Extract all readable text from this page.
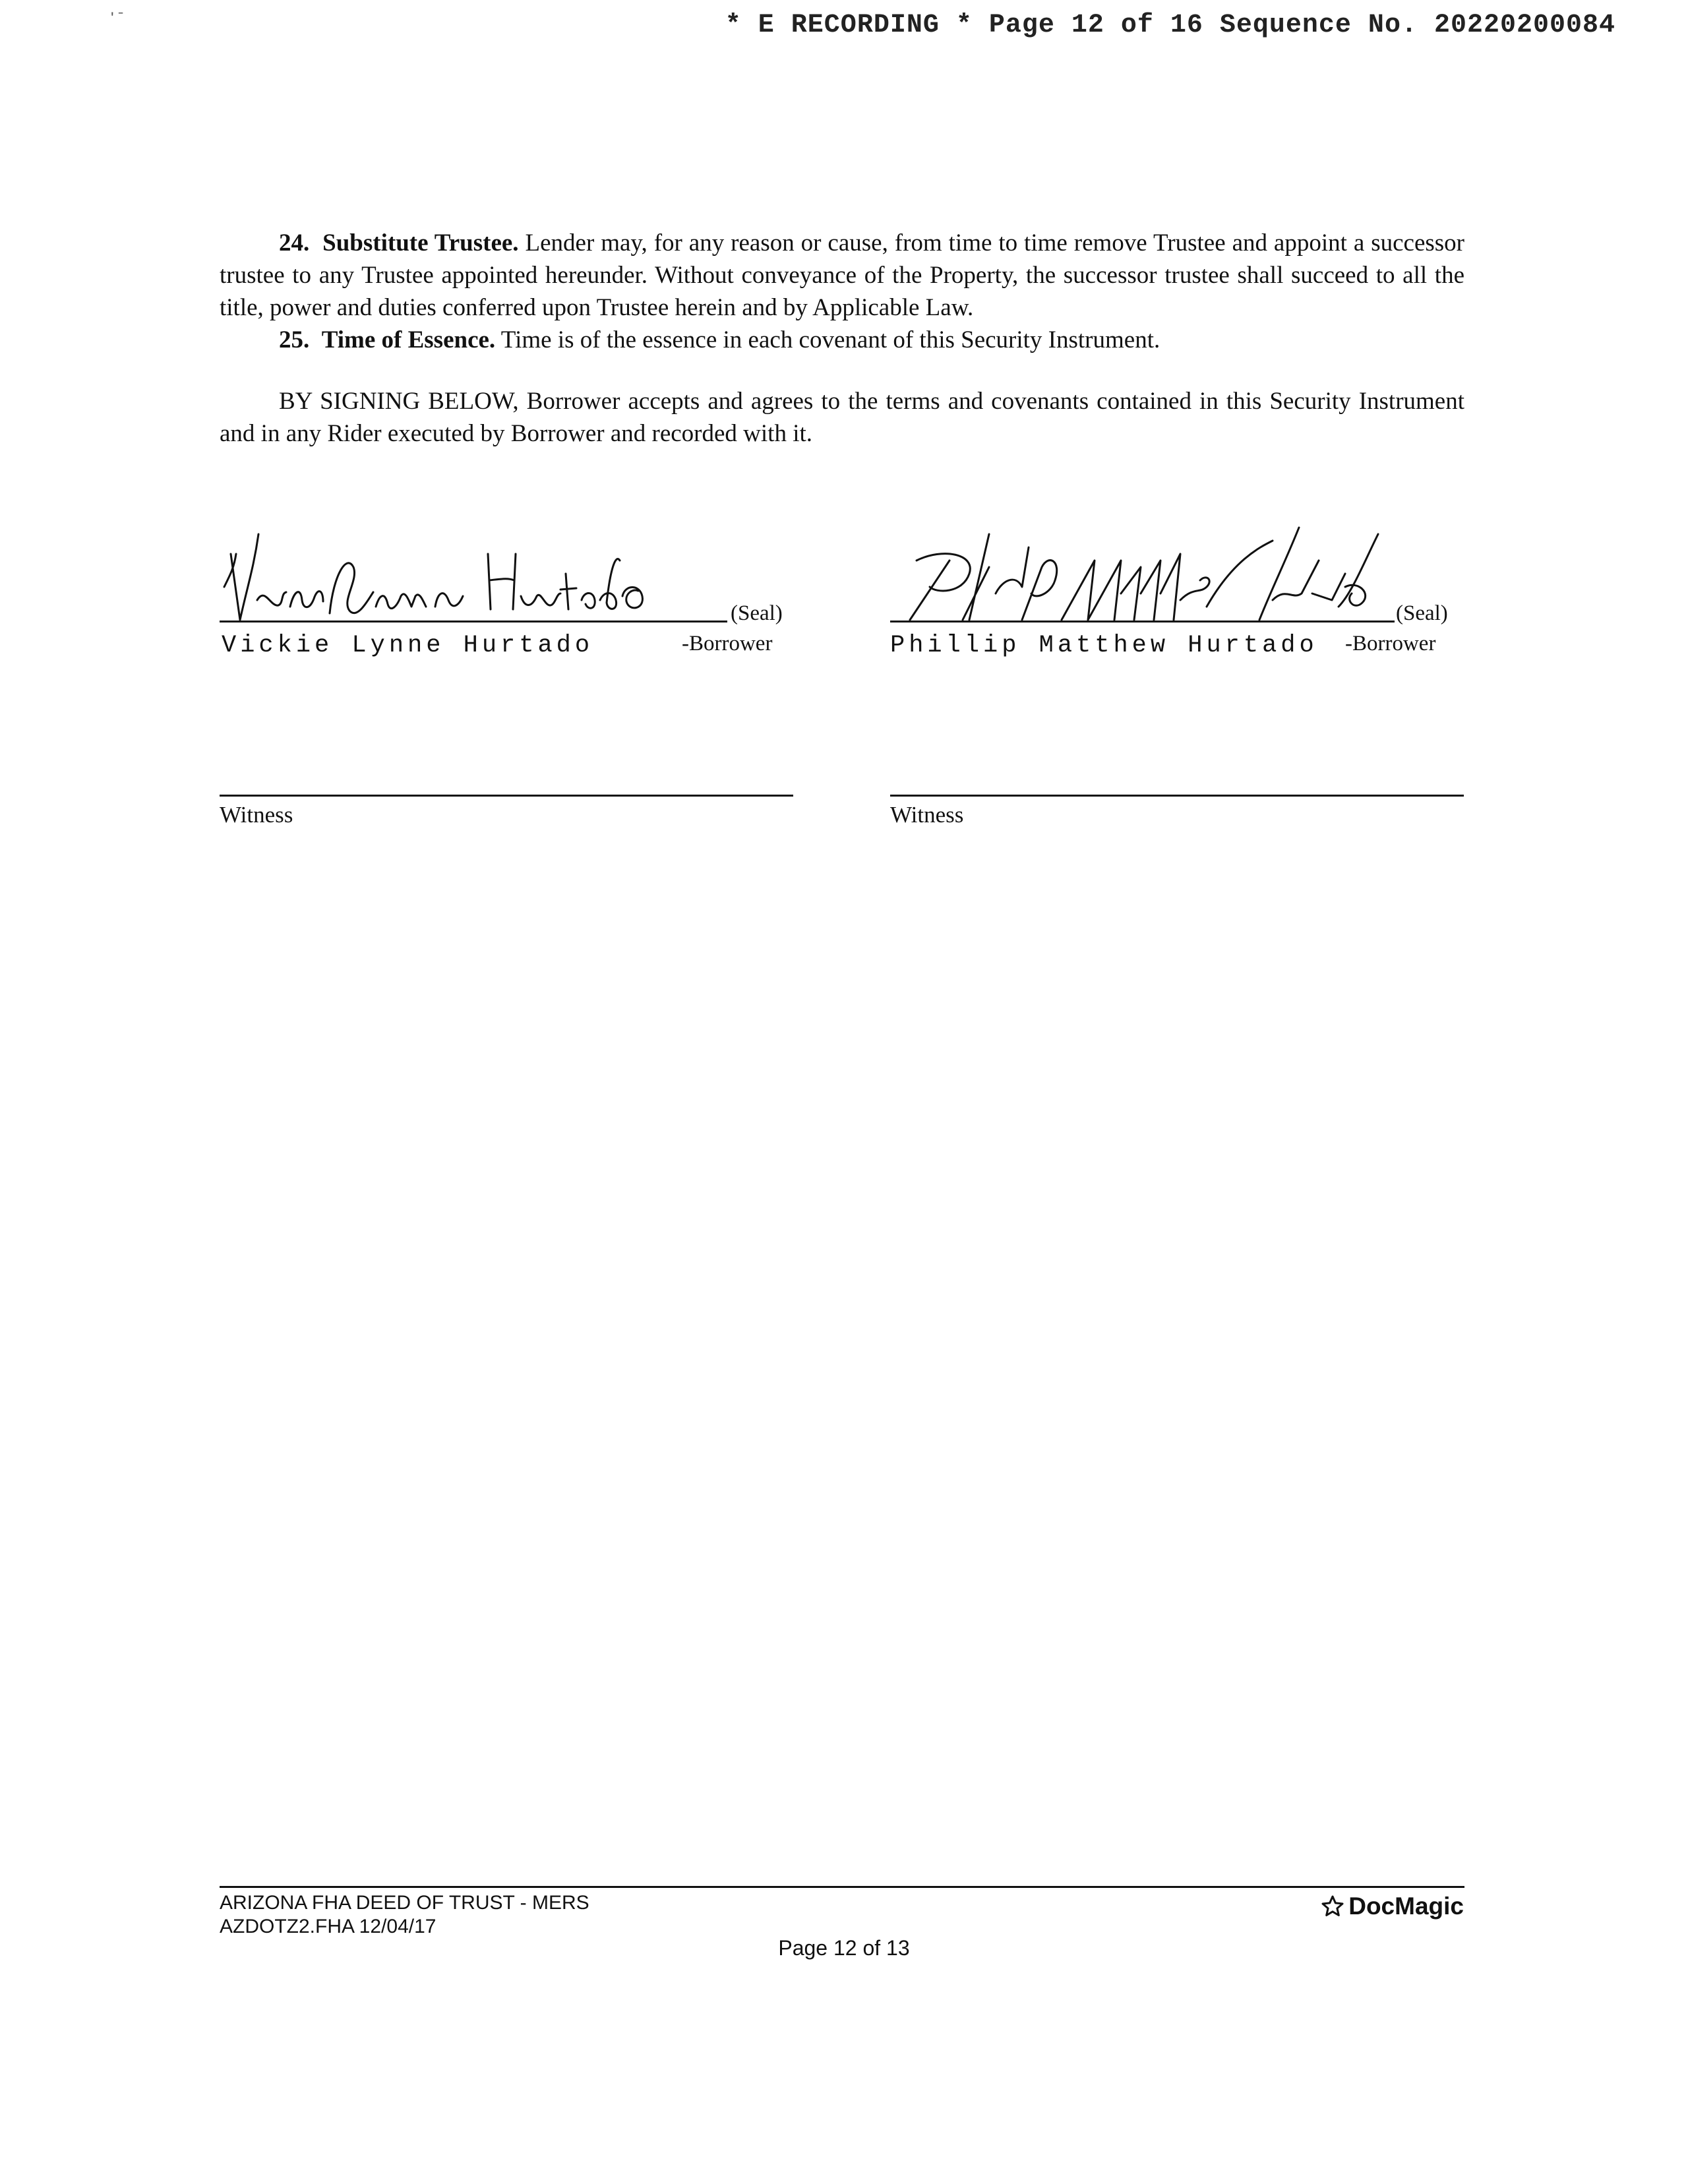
' ˉ	* E RECORDING * Page 12 of 16 Sequence No. 20220200084

24. Substitute Trustee. Lender may, for any reason or cause, from time to time remove Trustee and appoint a successor trustee to any Trustee appointed hereunder. Without conveyance of the Property, the successor trustee shall succeed to all the title, power and duties conferred upon Trustee herein and by Applicable Law.

25. Time of Essence. Time is of the essence in each covenant of this Security Instrument.

BY SIGNING BELOW, Borrower accepts and agrees to the terms and covenants contained in this Security Instrument and in any Rider executed by Borrower and recorded with it.

(Seal)
Vickie Lynne Hurtado	-Borrower
(Seal)
Phillip Matthew Hurtado -Borrower
Witness	Witness
ARIZONA FHA DEED OF TRUST - MERS
AZDOTZ2.FHA 12/04/17
DocMagic
Page 12 of 13
